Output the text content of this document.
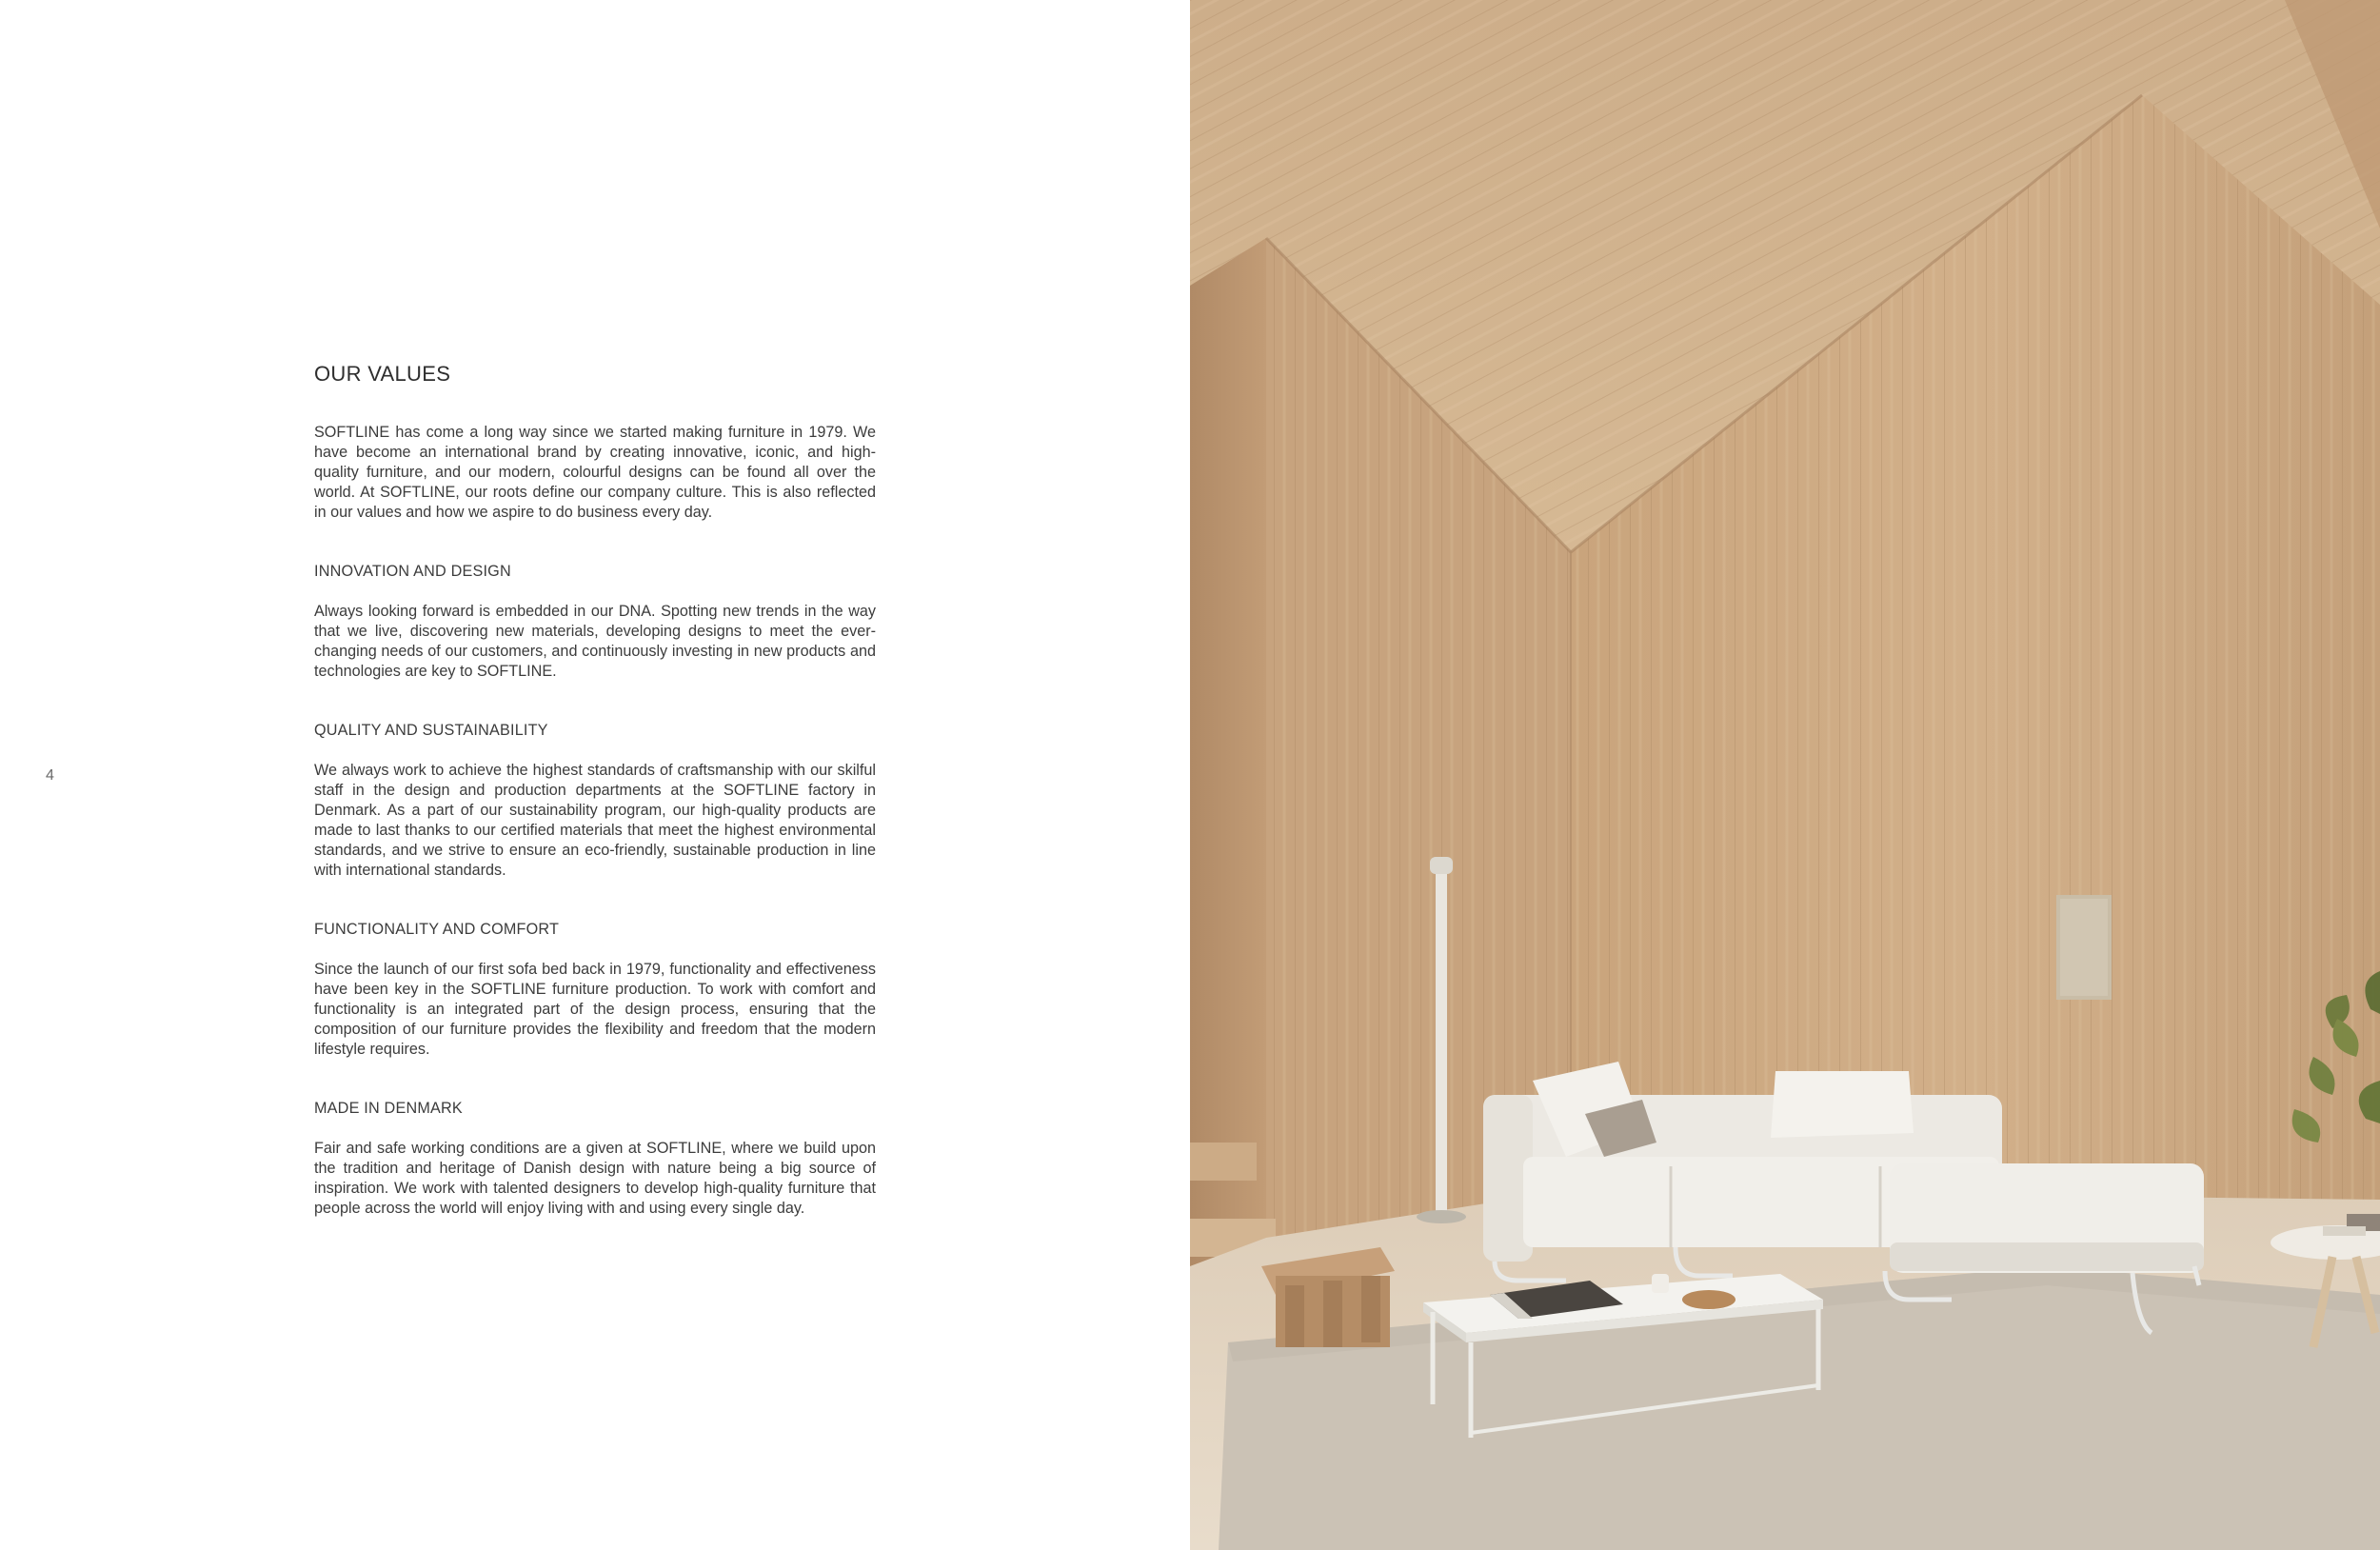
4
OUR VALUES

SOFTLINE has come a long way since we started making furniture in 1979. We have become an international brand by creating innovative, iconic, and high-quality furniture, and our modern, colourful designs can be found all over the world. At SOFTLINE, our roots define our company culture. This is also reflected in our values and how we aspire to do business every day.

INNOVATION AND DESIGN

Always looking forward is embedded in our DNA. Spotting new trends in the way that we live, discovering new materials, developing designs to meet the ever-changing needs of our customers, and continuously investing in new products and technologies are key to SOFTLINE.

QUALITY AND SUSTAINABILITY

We always work to achieve the highest standards of craftsmanship with our skilful staff in the design and production departments at the SOFTLINE factory in Denmark. As a part of our sustainability program, our high-quality products are made to last thanks to our certified materials that meet the highest environmental standards, and we strive to ensure an eco-friendly, sustainable production in line with international standards.

FUNCTIONALITY AND COMFORT

Since the launch of our first sofa bed back in 1979, functionality and effectiveness have been key in the SOFTLINE furniture production. To work with comfort and functionality is an integrated part of the design process, ensuring that the composition of our furniture provides the flexibility and freedom that the modern lifestyle requires.

MADE IN DENMARK

Fair and safe working conditions are a given at SOFTLINE, where we build upon the tradition and heritage of Danish design with nature being a big source of inspiration. We work with talented designers to develop high-quality furniture that people across the world will enjoy living with and using every single day.
